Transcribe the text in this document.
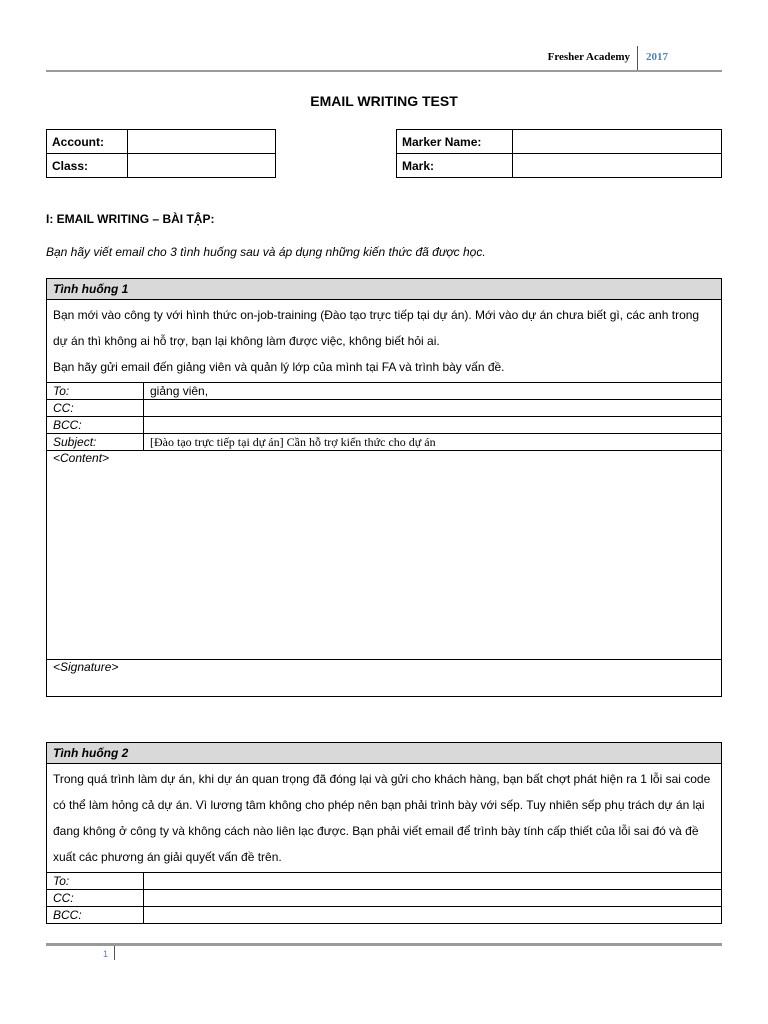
Fresher Academy 2017
EMAIL WRITING TEST
Account:	
Class:	
Marker Name:	
Mark:	
I: EMAIL WRITING – BÀI TẬP:
Bạn hãy viết email cho 3 tình huống sau và áp dụng những kiến thức đã được học.
Tình huống 1	

Bạn mới vào công ty với hình thức on-job-training (Đào tạo trực tiếp tại dự án). Mới vào dự án chưa biết gì, các anh trong dự án thì không ai hỗ trợ, bạn lại không làm được việc, không biết hỏi ai.
Bạn hãy gửi email đến giảng viên và quản lý lớp của mình tại FA và trình bày vấn đề.	

To:	giảng viên,
CC:	
BCC:	
Subject:	[Đào tạo trực tiếp tại dự án] Cần hỗ trợ kiến thức cho dự án
<Content>	
<Signature>	
Tình huống 2	

Trong quá trình làm dự án, khi dự án quan trọng đã đóng lại và gửi cho khách hàng, bạn bất chợt phát hiện ra 1 lỗi sai code có thể làm hỏng cả dự án. Vì lương tâm không cho phép nên bạn phải trình bày với sếp. Tuy nhiên sếp phụ trách dự án lại đang không ở công ty và không cách nào liên lạc được. Bạn phải viết email để trình bày tính cấp thiết của lỗi sai đó và đề xuất các phương án giải quyết vấn đề trên.	

To:	
CC:	
BCC:	
1
